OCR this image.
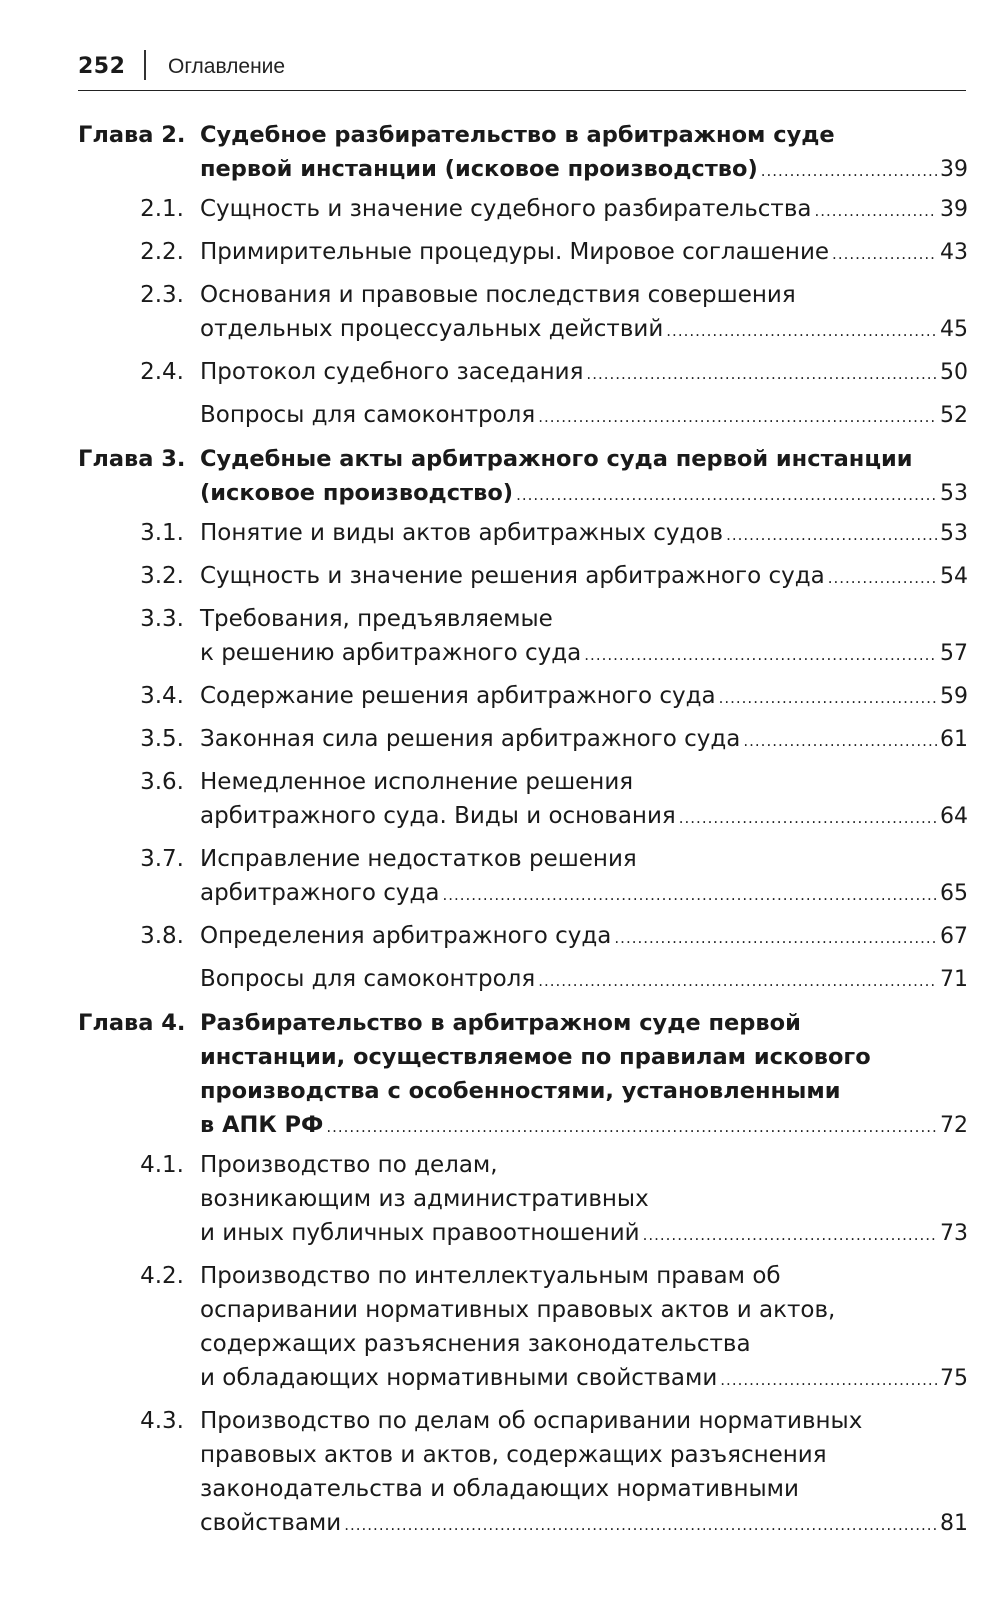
252 Оглавление
Глава 2. Судебное разбирательство в арбитражном суде
первой инстанции (исковое производство) .....	39
2.1. Сущность и значение судебного разбирательства .....	39
2.2. Примирительные процедуры. Мировое соглашение .....	43
2.3. Основания и правовые последствия совершения
отдельных процессуальных действий .....	45
2.4. Протокол судебного заседания .....	50
Вопросы для самоконтроля .....	52
Глава 3. Судебные акты арбитражного суда первой инстанции
(исковое производство) .....	53
3.1. Понятие и виды актов арбитражных судов .....	53
3.2. Сущность и значение решения арбитражного суда .....	54
3.3. Требования, предъявляемые
к решению арбитражного суда .....	57
3.4. Содержание решения арбитражного суда .....	59
3.5. Законная сила решения арбитражного суда .....	61
3.6. Немедленное исполнение решения
арбитражного суда. Виды и основания .....	64
3.7. Исправление недостатков решения
арбитражного суда .....	65
3.8. Определения арбитражного суда .....	67
Вопросы для самоконтроля .....	71
Глава 4. Разбирательство в арбитражном суде первой
инстанции, осуществляемое по правилам искового
производства с особенностями, установленными
в АПК РФ .....	72
4.1. Производство по делам,
возникающим из административных
и иных публичных правоотношений .....	73
4.2. Производство по интеллектуальным правам об
оспаривании нормативных правовых актов и актов,
содержащих разъяснения законодательства
и обладающих нормативными свойствами .....	75
4.3. Производство по делам об оспаривании нормативных
правовых актов и актов, содержащих разъяснения
законодательства и обладающих нормативными
свойствами .....	81
